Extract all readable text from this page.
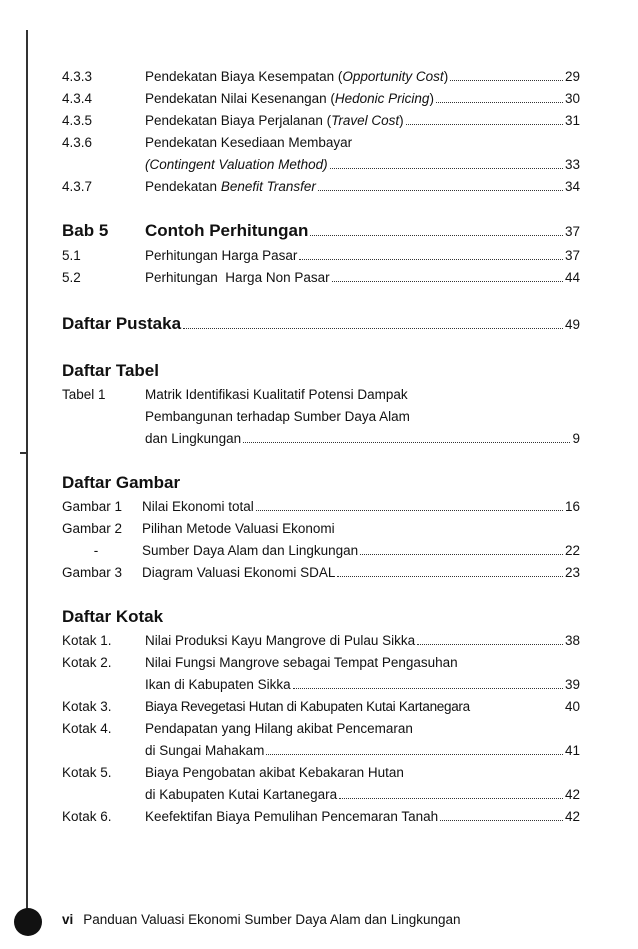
4.3.3	Pendekatan Biaya Kesempatan (Opportunity Cost)	29
4.3.4	Pendekatan Nilai Kesenangan (Hedonic Pricing)	30
4.3.5	Pendekatan Biaya Perjalanan (Travel Cost)	31
4.3.6	Pendekatan Kesediaan Membayar
(Contingent Valuation Method)	33
4.3.7	Pendekatan Benefit Transfer	34
Bab 5	Contoh Perhitungan	37
5.1	Perhitungan Harga Pasar	37
5.2	Perhitungan  Harga Non Pasar	44
Daftar Pustaka	49
Daftar Tabel
Tabel 1	Matrik Identifikasi Kualitatif Potensi Dampak
Pembangunan terhadap Sumber Daya Alam
dan Lingkungan	9
Daftar Gambar
Gambar 1	Nilai Ekonomi total	16
Gambar 2	Pilihan Metode Valuasi Ekonomi
-	Sumber Daya Alam dan Lingkungan	22
Gambar 3	Diagram Valuasi Ekonomi SDAL	23
Daftar Kotak
Kotak 1.	Nilai Produksi Kayu Mangrove di Pulau Sikka	38
Kotak 2.	Nilai Fungsi Mangrove sebagai Tempat Pengasuhan
Ikan di Kabupaten Sikka	39
Kotak 3.	Biaya Revegetasi Hutan di Kabupaten Kutai Kartanegara	40
Kotak 4.	Pendapatan yang Hilang akibat Pencemaran
di Sungai Mahakam	41
Kotak 5.	Biaya Pengobatan akibat Kebakaran Hutan
di Kabupaten Kutai Kartanegara	42
Kotak 6.	Keefektifan Biaya Pemulihan Pencemaran Tanah	42
vi Panduan Valuasi Ekonomi Sumber Daya Alam dan Lingkungan
